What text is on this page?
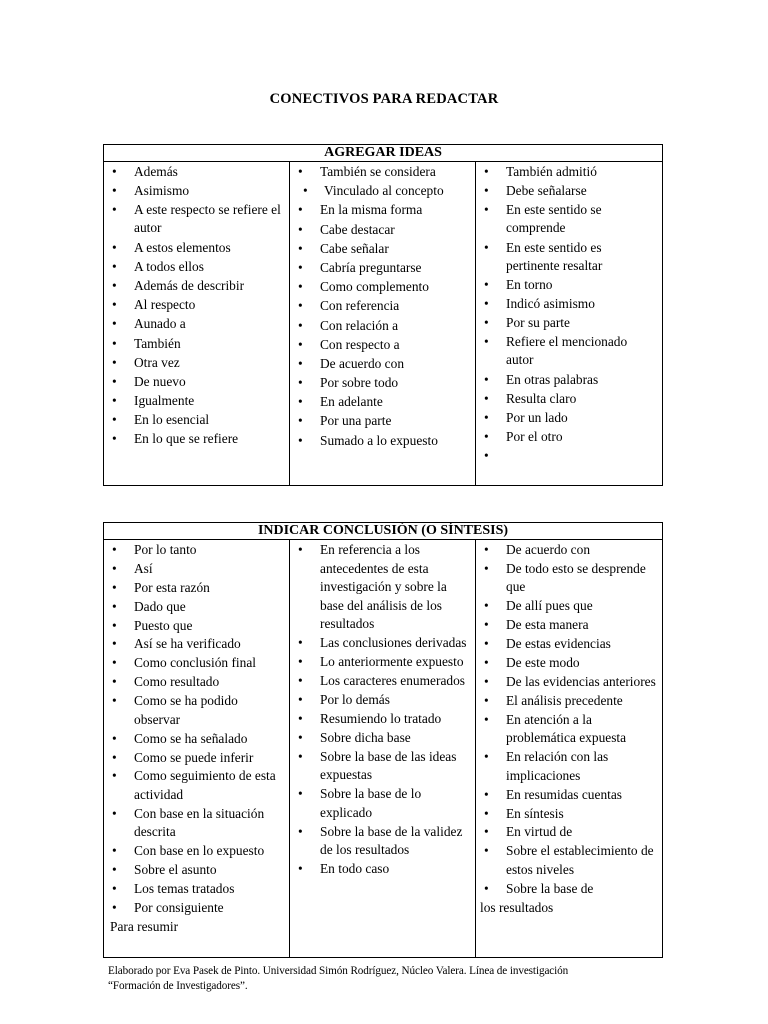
CONECTIVOS PARA REDACTAR
AGREGAR IDEAS

• Además
• Asimismo
• A este respecto se refiere el autor
• A estos elementos
• A todos ellos
• Además de describir
• Al respecto
• Aunado a
• También
• Otra vez
• De nuevo
• Igualmente
• En lo esencial
• En lo que se refiere

• También se considera
• Vinculado al concepto
• En la misma forma
• Cabe destacar
• Cabe señalar
• Cabría preguntarse
• Como complemento
• Con referencia
• Con relación a
• Con respecto a
• De acuerdo con
• Por sobre todo
• En adelante
• Por una parte
• Sumado a lo expuesto

• También admitió
• Debe señalarse
• En este sentido se comprende
• En este sentido es pertinente resaltar
• En torno
• Indicó asimismo
• Por su parte
• Refiere el mencionado autor
• En otras palabras
• Resulta claro
• Por un lado
• Por el otro
•
INDICAR CONCLUSIÓN (O SÍNTESIS)

• Por lo tanto
• Así
• Por esta razón
• Dado que
• Puesto que
• Así se ha verificado
• Como conclusión final
• Como resultado
• Como se ha podido observar
• Como se ha señalado
• Como se puede inferir
• Como seguimiento de esta actividad
• Con base en la situación descrita
• Con base en lo expuesto
• Sobre el asunto
• Los temas tratados
• Por consiguiente
Para resumir

• En referencia a los antecedentes de esta investigación y sobre la base del análisis de los resultados
• Las conclusiones derivadas
• Lo anteriormente expuesto
• Los caracteres enumerados
• Por lo demás
• Resumiendo lo tratado
• Sobre dicha base
• Sobre la base de las ideas expuestas
• Sobre la base de lo explicado
• Sobre la base de la validez de los resultados
• En todo caso

• De acuerdo con
• De todo esto se desprende que
• De allí pues que
• De esta manera
• De estas evidencias
• De este modo
• De las evidencias anteriores
• El análisis precedente
• En atención a la problemática expuesta
• En relación con las implicaciones
• En resumidas cuentas
• En síntesis
• En virtud de
• Sobre el establecimiento de estos niveles
• Sobre la base de
los resultados
Elaborado por Eva Pasek de Pinto. Universidad Simón Rodríguez, Núcleo Valera. Línea de investigación
“Formación de Investigadores”.
